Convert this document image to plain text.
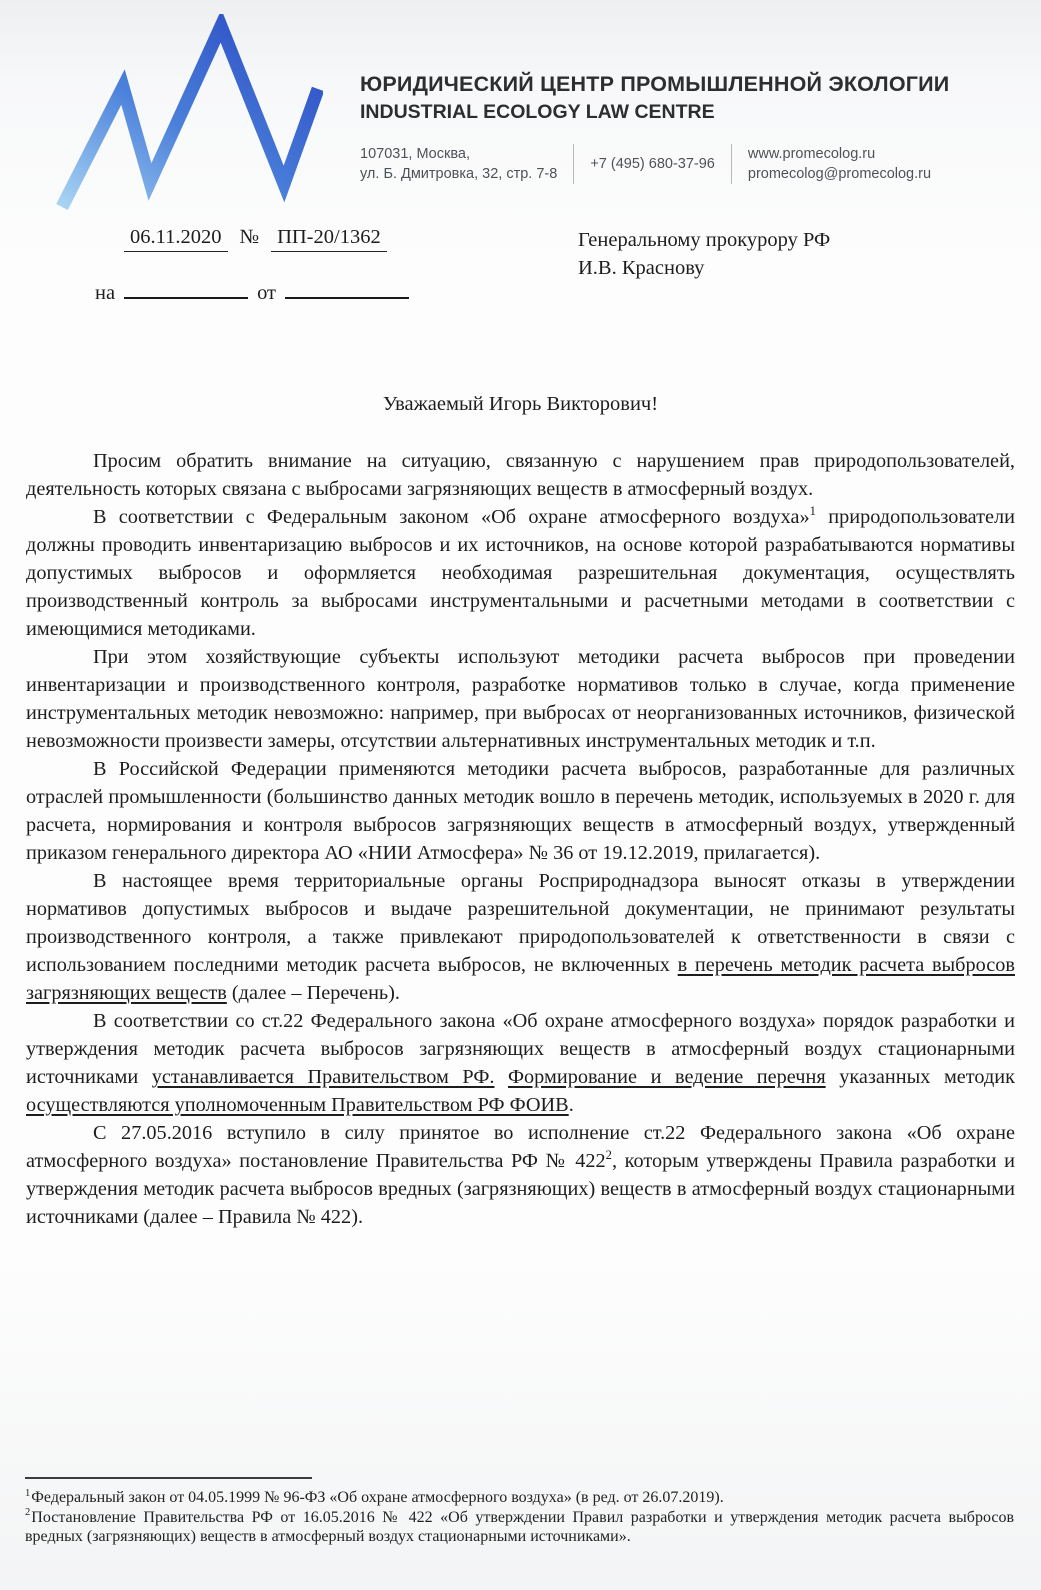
ЮРИДИЧЕСКИЙ ЦЕНТР ПРОМЫШЛЕННОЙ ЭКОЛОГИИ
INDUSTRIAL ECOLOGY LAW CENTRE
107031, Москва,
ул. Б. Дмитровка, 32, стр. 7-8
+7 (495) 680-37-96
www.promecolog.ru
promecolog@promecolog.ru
06.11.2020 № ПП-20/1362	Генеральному прокурору РФ
И.В. Краснову
на	от
Уважаемый Игорь Викторович!

Просим обратить внимание на ситуацию, связанную с нарушением прав природопользователей, деятельность которых связана с выбросами загрязняющих веществ в атмосферный воздух.

В соответствии с Федеральным законом «Об охране атмосферного воздуха»$^1$ природопользователи должны проводить инвентаризацию выбросов и их источников, на основе которой разрабатываются нормативы допустимых выбросов и оформляется необходимая разрешительная документация, осуществлять производственный контроль за выбросами инструментальными и расчетными методами в соответствии с имеющимися методиками.

При этом хозяйствующие субъекты используют методики расчета выбросов при проведении инвентаризации и производственного контроля, разработке нормативов только в случае, когда применение инструментальных методик невозможно: например, при выбросах от неорганизованных источников, физической невозможности произвести замеры, отсутствии альтернативных инструментальных методик и т.п.

В Российской Федерации применяются методики расчета выбросов, разработанные для различных отраслей промышленности (большинство данных методик вошло в перечень методик, используемых в 2020 г. для расчета, нормирования и контроля выбросов загрязняющих веществ в атмосферный воздух, утвержденный приказом генерального директора АО «НИИ Атмосфера» № 36 от 19.12.2019, прилагается).

В настоящее время территориальные органы Росприроднадзора выносят отказы в утверждении нормативов допустимых выбросов и выдаче разрешительной документации, не принимают результаты производственного контроля, а также привлекают природопользователей к ответственности в связи с использованием последними методик расчета выбросов, не включенных в перечень методик расчета выбросов загрязняющих веществ (далее – Перечень).

В соответствии со ст.22 Федерального закона «Об охране атмосферного воздуха» порядок разработки и утверждения методик расчета выбросов загрязняющих веществ в атмосферный воздух стационарными источниками устанавливается Правительством РФ. Формирование и ведение перечня указанных методик осуществляются уполномоченным Правительством РФ ФОИВ.

С 27.05.2016 вступило в силу принятое во исполнение ст.22 Федерального закона «Об охране атмосферного воздуха» постановление Правительства РФ № $422^2$, которым утверждены Правила разработки и утверждения методик расчета выбросов вредных (загрязняющих) веществ в атмосферный воздух стационарными источниками (далее – Правила № 422).

$^1$Федеральный закон от 04.05.1999 № 96-ФЗ «Об охране атмосферного воздуха» (в ред. от 26.07.2019).

$^2$Постановление Правительства РФ от 16.05.2016 № 422 «Об утверждении Правил разработки и утверждения методик расчета выбросов вредных (загрязняющих) веществ в атмосферный воздух стационарными источниками».
